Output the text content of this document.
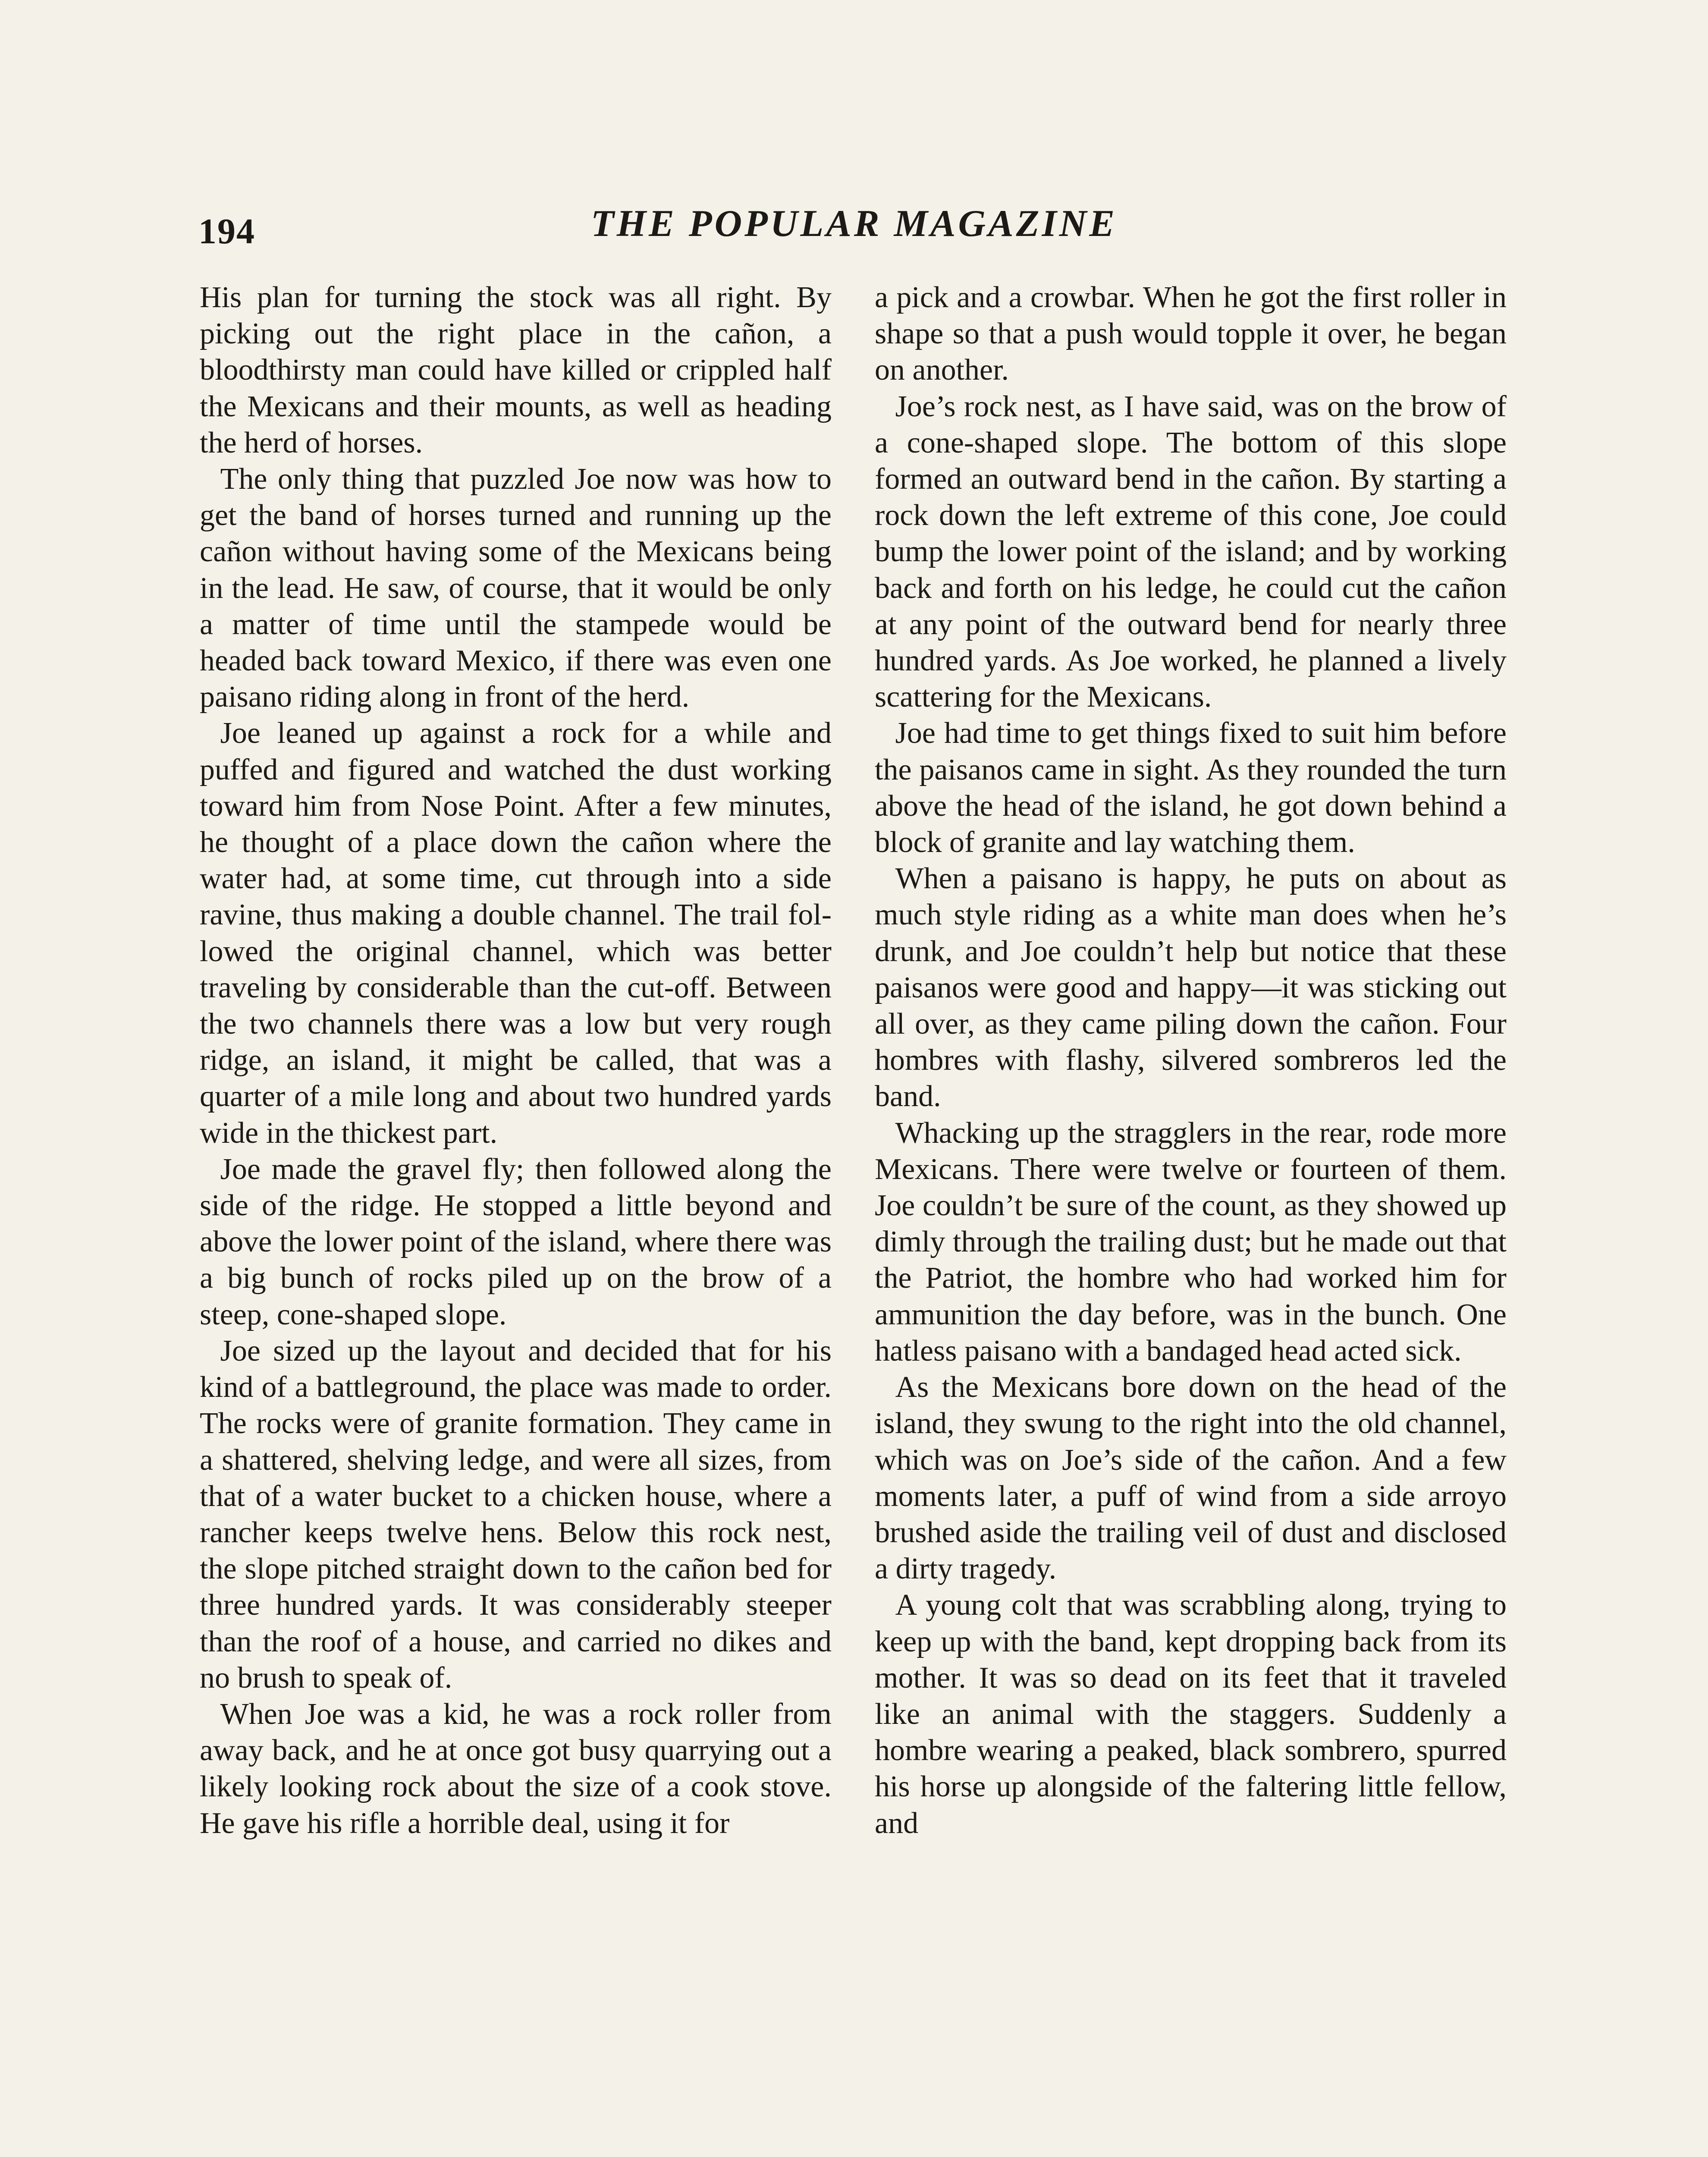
194	THE POPULAR MAGAZINE

His plan for turning the stock was all right. By picking out the right place in the cañon, a bloodthirsty man could have killed or crippled half the Mexicans and their mounts, as well as heading the herd of horses.

The only thing that puzzled Joe now was how to get the band of horses turned and running up the cañon without having some of the Mexicans being in the lead. He saw, of course, that it would be only a matter of time until the stampede would be headed back toward Mexico, if there was even one paisano riding along in front of the herd.

Joe leaned up against a rock for a while and puffed and figured and watched the dust working toward him from Nose Point. After a few minutes, he thought of a place down the cañon where the water had, at some time, cut through into a side ravine, thus making a double channel. The trail followed the original channel, which was better traveling by considerable than the cut-off. Between the two channels there was a low but very rough ridge, an island, it might be called, that was a quarter of a mile long and about two hundred yards wide in the thickest part.

Joe made the gravel fly; then followed along the side of the ridge. He stopped a little beyond and above the lower point of the island, where there was a big bunch of rocks piled up on the brow of a steep, cone-shaped slope.

Joe sized up the layout and decided that for his kind of a battleground, the place was made to order. The rocks were of granite formation. They came in a shattered, shelving ledge, and were all sizes, from that of a water bucket to a chicken house, where a rancher keeps twelve hens. Below this rock nest, the slope pitched straight down to the cañon bed for three hundred yards. It was considerably steeper than the roof of a house, and carried no dikes and no brush to speak of.

When Joe was a kid, he was a rock roller from away back, and he at once got busy quarrying out a likely looking rock about the size of a cook stove. He gave his rifle a horrible deal, using it for

a pick and a crowbar. When he got the first roller in shape so that a push would topple it over, he began on another.

Joe’s rock nest, as I have said, was on the brow of a cone-shaped slope. The bottom of this slope formed an outward bend in the cañon. By starting a rock down the left extreme of this cone, Joe could bump the lower point of the island; and by working back and forth on his ledge, he could cut the cañon at any point of the outward bend for nearly three hundred yards. As Joe worked, he planned a lively scattering for the Mexicans.

Joe had time to get things fixed to suit him before the paisanos came in sight. As they rounded the turn above the head of the island, he got down behind a block of granite and lay watching them.

When a paisano is happy, he puts on about as much style riding as a white man does when he’s drunk, and Joe couldn’t help but notice that these paisanos were good and happy—it was sticking out all over, as they came piling down the cañon. Four hombres with flashy, silvered sombreros led the band.

Whacking up the stragglers in the rear, rode more Mexicans. There were twelve or fourteen of them. Joe couldn’t be sure of the count, as they showed up dimly through the trailing dust; but he made out that the Patriot, the hombre who had worked him for ammunition the day before, was in the bunch. One hatless paisano with a bandaged head acted sick.

As the Mexicans bore down on the head of the island, they swung to the right into the old channel, which was on Joe’s side of the cañon. And a few moments later, a puff of wind from a side arroyo brushed aside the trailing veil of dust and disclosed a dirty tragedy.

A young colt that was scrabbling along, trying to keep up with the band, kept dropping back from its mother. It was so dead on its feet that it traveled like an animal with the staggers. Suddenly a hombre wearing a peaked, black sombrero, spurred his horse up alongside of the faltering little fellow, and
